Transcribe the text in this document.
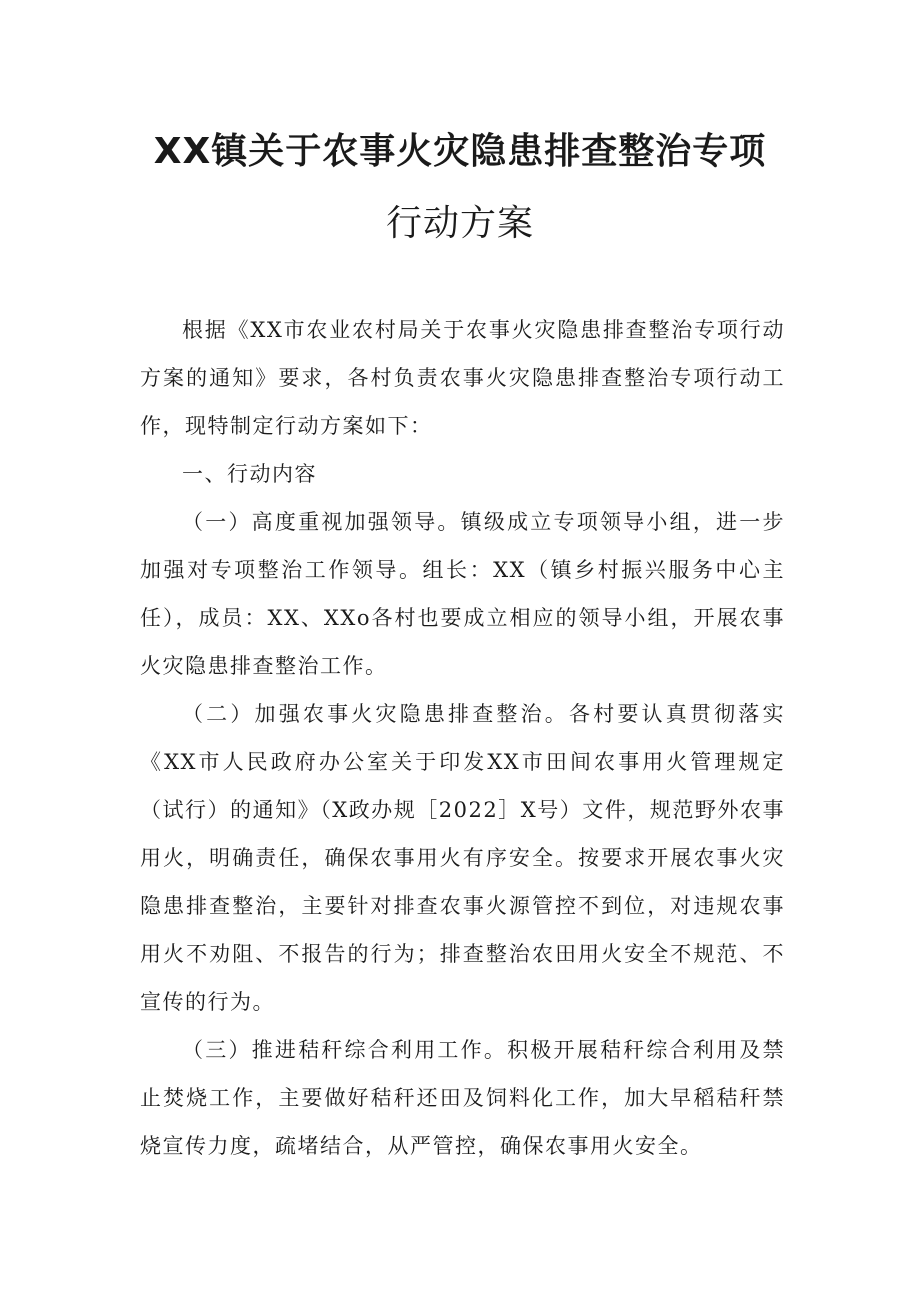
XX镇关于农事火灾隐患排查整治专项
行动方案

根据《XX市农业农村局关于农事火灾隐患排查整治专项行动方案的通知》要求，各村负责农事火灾隐患排查整治专项行动工作，现特制定行动方案如下：

一、行动内容

（一）高度重视加强领导。镇级成立专项领导小组，进一步加强对专项整治工作领导。组长：XX（镇乡村振兴服务中心主任），成员：XX、XXo各村也要成立相应的领导小组，开展农事火灾隐患排查整治工作。

（二）加强农事火灾隐患排查整治。各村要认真贯彻落实《XX市人民政府办公室关于印发XX市田间农事用火管理规定（试行）的通知》（X政办规［2022］X号）文件，规范野外农事用火，明确责任，确保农事用火有序安全。按要求开展农事火灾隐患排查整治，主要针对排查农事火源管控不到位，对违规农事用火不劝阻、不报告的行为；排查整治农田用火安全不规范、不宣传的行为。

（三）推进秸秆综合利用工作。积极开展秸秆综合利用及禁止焚烧工作，主要做好秸秆还田及饲料化工作，加大早稻秸秆禁烧宣传力度，疏堵结合，从严管控，确保农事用火安全。
